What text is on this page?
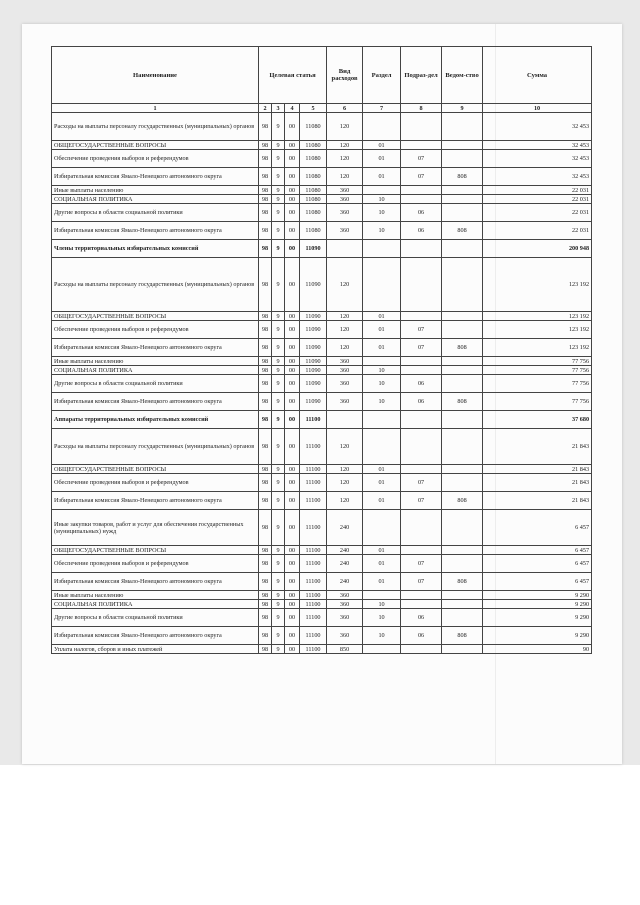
Наименование	Целевая статья				Вид расходов	Раздел	Подраз-дел	Ведом-ство	Сумма
1	2	3	4	5	6	7	8	9	10
Расходы на выплаты персоналу государственных (муниципальных) органов	98	9	00	11080	120				32 453
ОБЩЕГОСУДАРСТВЕННЫЕ ВОПРОСЫ	98	9	00	11080	120	01			32 453
Обеспечение проведения выборов и референдумов	98	9	00	11080	120	01	07		32 453
Избирательная комиссия Ямало-Ненецкого автономного округа	98	9	00	11080	120	01	07	808	32 453
Иные выплаты населению	98	9	00	11080	360				22 031
СОЦИАЛЬНАЯ ПОЛИТИКА	98	9	00	11080	360	10			22 031
Другие вопросы в области социальной политики	98	9	00	11080	360	10	06		22 031
Избирательная комиссия Ямало-Ненецкого автономного округа	98	9	00	11080	360	10	06	808	22 031
Члены территориальных избирательных комиссий	98	9	00	11090					200 948
Расходы на выплаты персоналу государственных (муниципальных) органов	98	9	00	11090	120				123 192
ОБЩЕГОСУДАРСТВЕННЫЕ ВОПРОСЫ	98	9	00	11090	120	01			123 192
Обеспечение проведения выборов и референдумов	98	9	00	11090	120	01	07		123 192
Избирательная комиссия Ямало-Ненецкого автономного округа	98	9	00	11090	120	01	07	808	123 192
Иные выплаты населению	98	9	00	11090	360				77 756
СОЦИАЛЬНАЯ ПОЛИТИКА	98	9	00	11090	360	10			77 756
Другие вопросы в области социальной политики	98	9	00	11090	360	10	06		77 756
Избирательная комиссия Ямало-Ненецкого автономного округа	98	9	00	11090	360	10	06	808	77 756
Аппараты территориальных избирательных комиссий	98	9	00	11100					37 680
Расходы на выплаты персоналу государственных (муниципальных) органов	98	9	00	11100	120				21 843
ОБЩЕГОСУДАРСТВЕННЫЕ ВОПРОСЫ	98	9	00	11100	120	01			21 843
Обеспечение проведения выборов и референдумов	98	9	00	11100	120	01	07		21 843
Избирательная комиссия Ямало-Ненецкого автономного округа	98	9	00	11100	120	01	07	808	21 843
Иные закупки товаров, работ и услуг для обеспечения государственных (муниципальных) нужд	98	9	00	11100	240				6 457
ОБЩЕГОСУДАРСТВЕННЫЕ ВОПРОСЫ	98	9	00	11100	240	01			6 457
Обеспечение проведения выборов и референдумов	98	9	00	11100	240	01	07		6 457
Избирательная комиссия Ямало-Ненецкого автономного округа	98	9	00	11100	240	01	07	808	6 457
Иные выплаты населению	98	9	00	11100	360				9 290
СОЦИАЛЬНАЯ ПОЛИТИКА	98	9	00	11100	360	10			9 290
Другие вопросы в области социальной политики	98	9	00	11100	360	10	06		9 290
Избирательная комиссия Ямало-Ненецкого автономного округа	98	9	00	11100	360	10	06	808	9 290
Уплата налогов, сборов и иных платежей	98	9	00	11100	850				90
